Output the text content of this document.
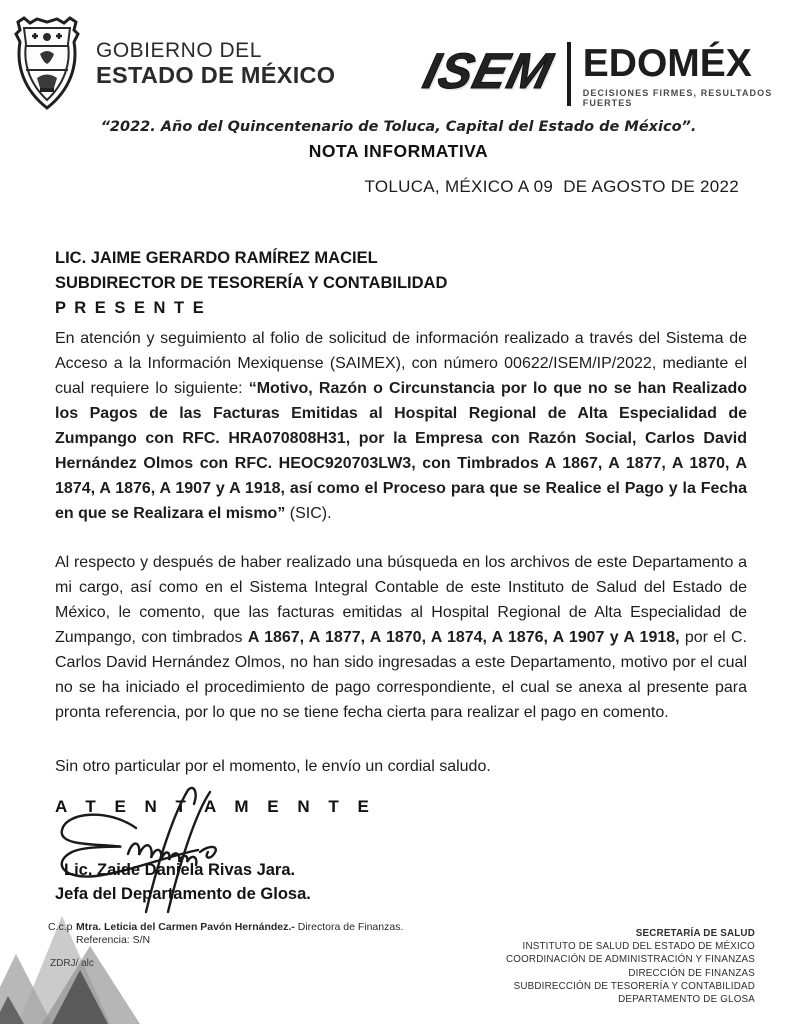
GOBIERNO DEL
ESTADO DE MÉXICO ISEM EDOMÉX
DECISIONES FIRMES, RESULTADOS FUERTES
“2022. Año del Quincentenario de Toluca, Capital del Estado de México”.
NOTA INFORMATIVA
TOLUCA, MÉXICO A 09  DE AGOSTO DE 2022
LIC. JAIME GERARDO RAMÍREZ MACIEL
SUBDIRECTOR DE TESORERÍA Y CONTABILIDAD
P R E S E N T E

En atención y seguimiento al folio de solicitud de información realizado a través del Sistema de Acceso a la Información Mexiquense (SAIMEX), con número 00622/ISEM/IP/2022, mediante el cual requiere lo siguiente: “Motivo, Razón o Circunstancia por lo que no se han Realizado los Pagos de las Facturas Emitidas al Hospital Regional de Alta Especialidad de Zumpango con RFC. HRA070808H31, por la Empresa con Razón Social, Carlos David Hernández Olmos con RFC. HEOC920703LW3, con Timbrados A 1867, A 1877, A 1870, A 1874, A 1876, A 1907 y A 1918, así como el Proceso para que se Realice el Pago y la Fecha en que se Realizara el mismo” (SIC).

Al respecto y después de haber realizado una búsqueda en los archivos de este Departamento a mi cargo, así como en el Sistema Integral Contable de este Instituto de Salud del Estado de México, le comento, que las facturas emitidas al Hospital Regional de Alta Especialidad de Zumpango, con timbrados A 1867, A 1877, A 1870, A 1874, A 1876, A 1907 y A 1918, por el C. Carlos David Hernández Olmos, no han sido ingresadas a este Departamento, motivo por el cual no se ha iniciado el procedimiento de pago correspondiente, el cual se anexa al presente para pronta referencia, por lo que no se tiene fecha cierta para realizar el pago en comento.

Sin otro particular por el momento, le envío un cordial saludo.

A T E N T A M E N T E
Lic. Zaide Daniela Rivas Jara.
Jefa del Departamento de Glosa.
C.c.p Mtra. Leticia del Carmen Pavón Hernández.- Directora de Finanzas.
Referencia: S/N
ZDRJ/ alc
SECRETARÍA DE SALUD
INSTITUTO DE SALUD DEL ESTADO DE MÉXICO
COORDINACIÓN DE ADMINISTRACIÓN Y FINANZAS
DIRECCIÓN DE FINANZAS
SUBDIRECCIÓN DE TESORERÍA Y CONTABILIDAD
DEPARTAMENTO DE GLOSA
